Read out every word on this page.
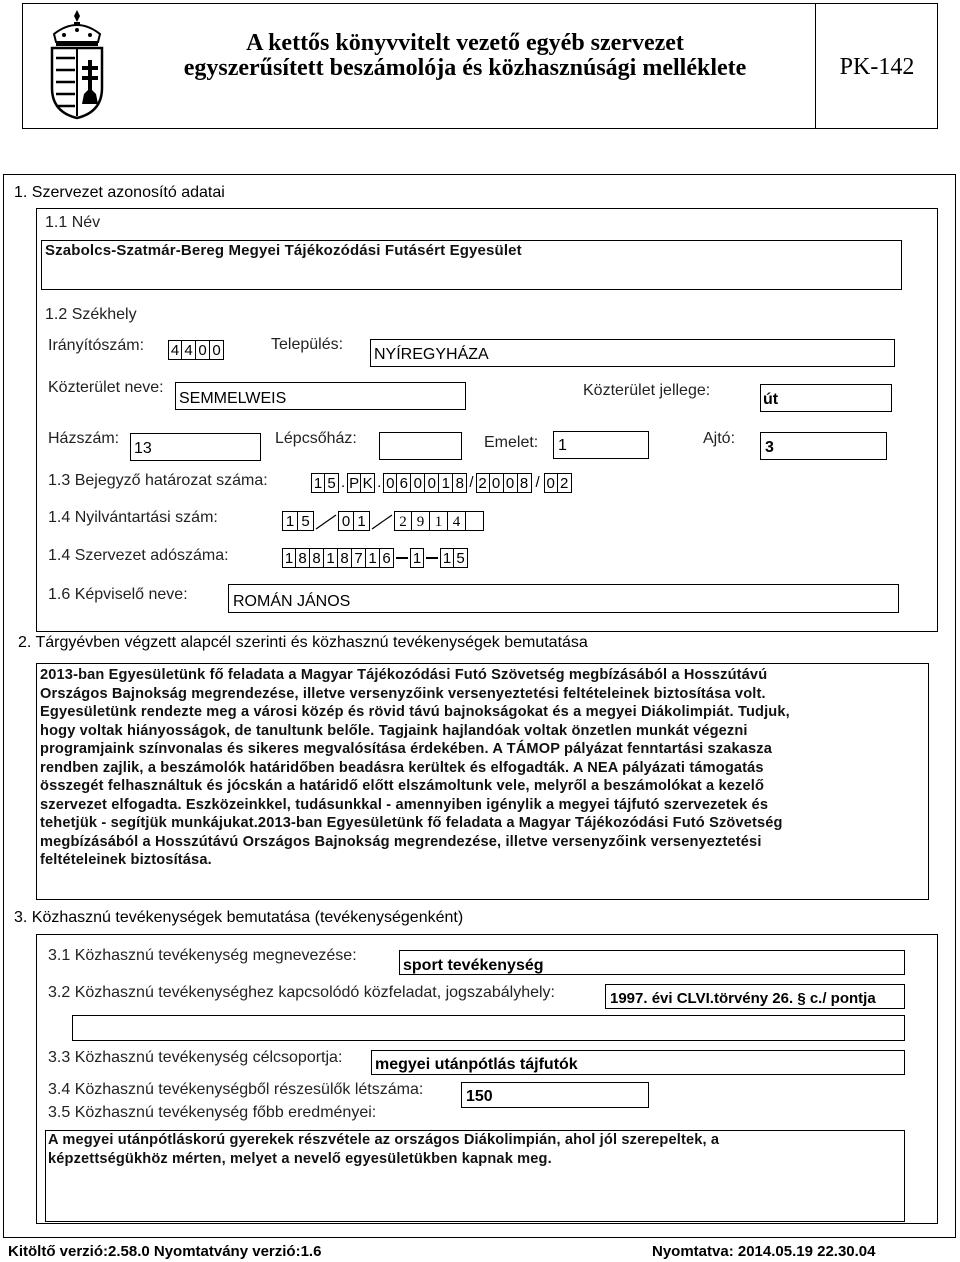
A kettős könyvvitelt vezető egyéb szervezet
egyszerűsített beszámolója és közhasznúsági melléklete	PK-142
1. Szervezet azonosító adatai
1.1 Név
Szabolcs-Szatmár-Bereg Megyei Tájékozódási Futásért Egyesület
1.2 Székhely
Irányítószám: 4 4 0 0	Település:
NYÍREGYHÁZA
Közterület neve:
SEMMELWEIS	Közterület jellege:
út
Házszám:
13
Lépcsőház:	Emelet: 1	Ajtó:
3
1.3 Bejegyző határozat száma:	1 5 . P K . 0 6 0 0 1 8 / 2 0 0 8 / 0 2
1.4 Nyilvántartási szám:	1 5 0 1	2 9 1 4
1.4 Szervezet adószáma:	1 8 8 1 8 7 1 6 1 1 5
1.6 Képviselő neve:	ROMÁN JÁNOS
2. Tárgyévben végzett alapcél szerinti és közhasznú tevékenységek bemutatása
2013-ban Egyesületünk fő feladata a Magyar Tájékozódási Futó Szövetség megbízásából a Hosszútávú
Országos Bajnokság megrendezése, illetve versenyzőink versenyeztetési feltételeinek biztosítása volt.
Egyesületünk rendezte meg a városi közép és rövid távú bajnokságokat és a megyei Diákolimpiát. Tudjuk,
hogy voltak hiányosságok, de tanultunk belőle. Tagjaink hajlandóak voltak önzetlen munkát végezni
programjaink színvonalas és sikeres megvalósítása érdekében. A TÁMOP pályázat fenntartási szakasza
rendben zajlik, a beszámolók határidőben beadásra kerültek és elfogadták. A NEA pályázati támogatás
összegét felhasználtuk és jócskán a határidő előtt elszámoltunk vele, melyről a beszámolókat a kezelő
szervezet elfogadta. Eszközeinkkel, tudásunkkal - amennyiben igénylik a megyei tájfutó szervezetek és
tehetjük - segítjük munkájukat.2013-ban Egyesületünk fő feladata a Magyar Tájékozódási Futó Szövetség
megbízásából a Hosszútávú Országos Bajnokság megrendezése, illetve versenyzőink versenyeztetési
feltételeinek biztosítása.
3. Közhasznú tevékenységek bemutatása (tevékenységenként)
3.1 Közhasznú tevékenység megnevezése:
sport tevékenység
3.2 Közhasznú tevékenységhez kapcsolódó közfeladat, jogszabályhely:	1997. évi CLVI.törvény 26. § c./ pontja
3.3 Közhasznú tevékenység célcsoportja: megyei utánpótlás tájfutók
3.4 Közhasznú tevékenységből részesülők létszáma:	150
3.5 Közhasznú tevékenység főbb eredményei:
A megyei utánpótláskorú gyerekek részvétele az országos Diákolimpián, ahol jól szerepeltek, a
képzettségükhöz mérten, melyet a nevelő egyesületükben kapnak meg.
Kitöltő verzió:2.58.0 Nyomtatvány verzió:1.6	Nyomtatva: 2014.05.19 22.30.04
